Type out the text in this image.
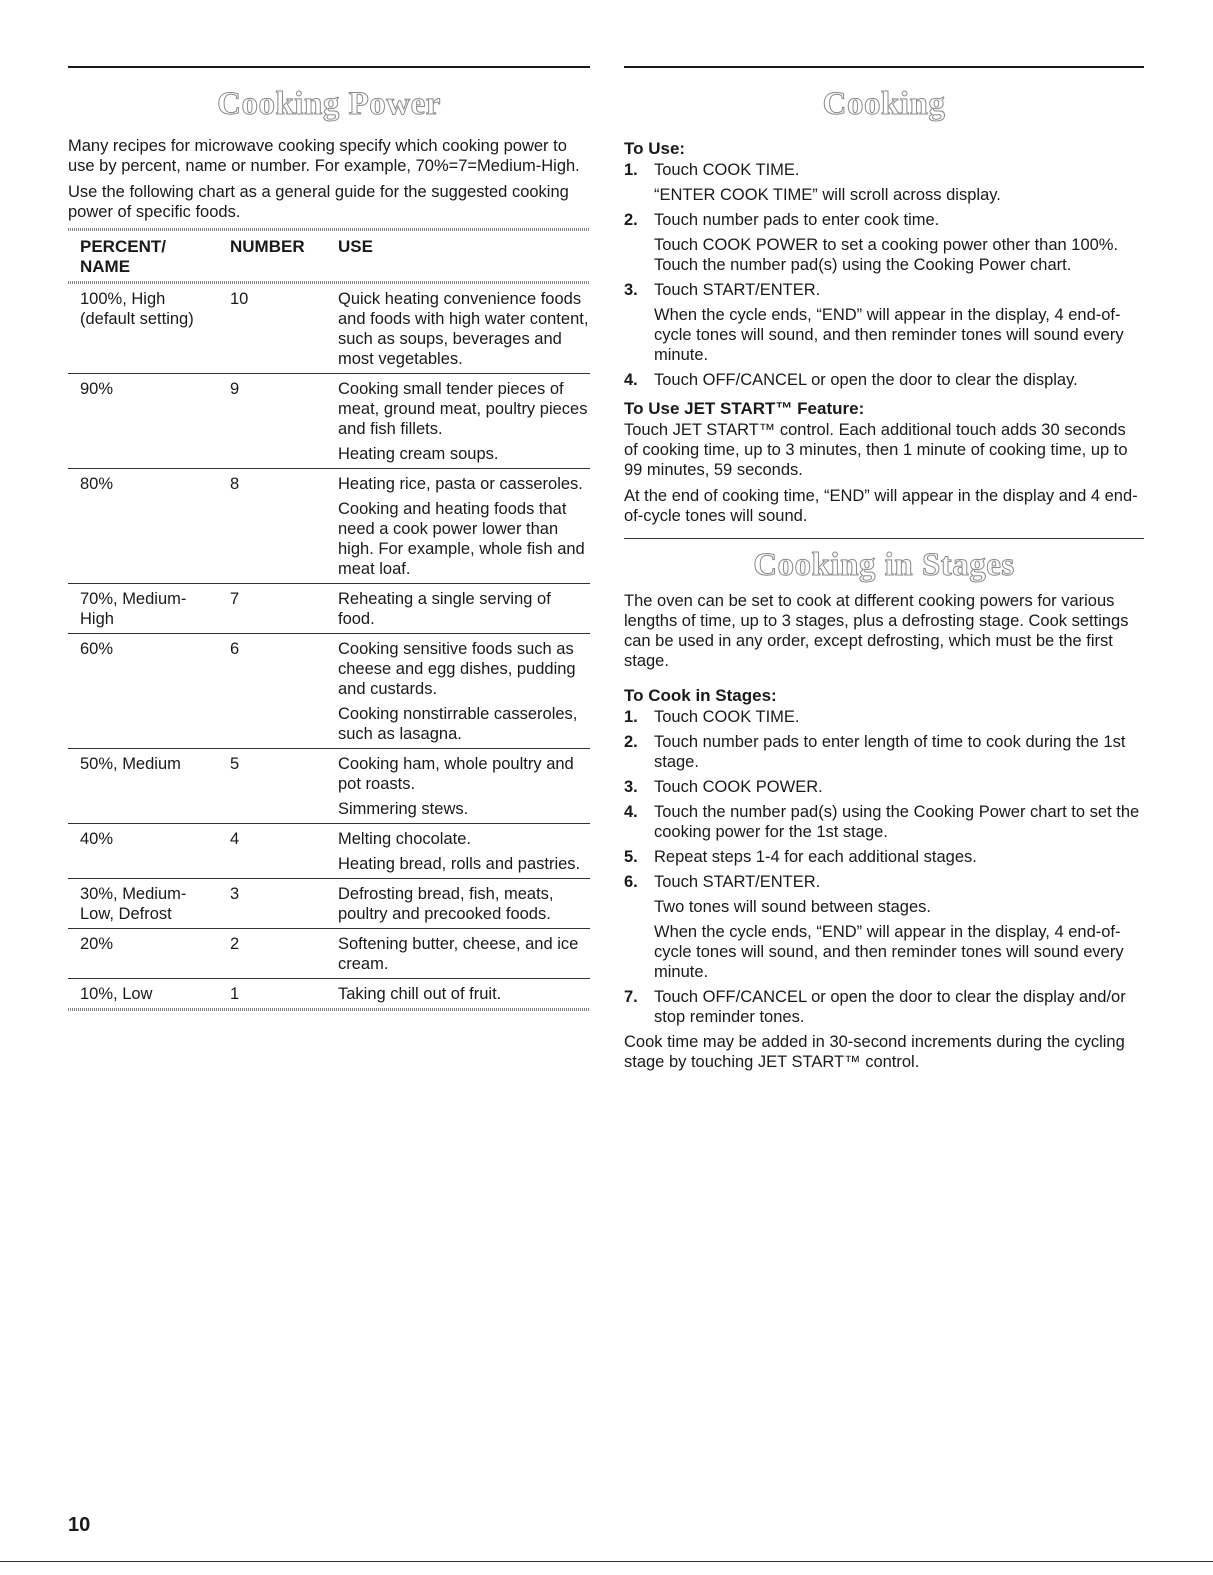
Cooking Power

Many recipes for microwave cooking specify which cooking power to use by percent, name or number. For example, 70%=7=Medium-High.

Use the following chart as a general guide for the suggested cooking power of specific foods.

PERCENT/ NAME	NUMBER	USE

100%, High (default setting)	10	Quick heating convenience foods and foods with high water content, such as soups, beverages and most vegetables.

90%	9	Cooking small tender pieces of meat, ground meat, poultry pieces and fish fillets.
Heating cream soups.

80%	8	Heating rice, pasta or casseroles.
Cooking and heating foods that need a cook power lower than high. For example, whole fish and meat loaf.

70%, Medium-High	7	Reheating a single serving of food.

60%	6	Cooking sensitive foods such as cheese and egg dishes, pudding and custards.
Cooking nonstirrable casseroles, such as lasagna.

50%, Medium	5	Cooking ham, whole poultry and pot roasts.
Simmering stews.

40%	4	Melting chocolate.
Heating bread, rolls and pastries.

30%, Medium-Low, Defrost	3	Defrosting bread, fish, meats, poultry and precooked foods.

20%	2	Softening butter, cheese, and ice cream.

10%, Low	1	Taking chill out of fruit.
Cooking
To Use:
1. Touch COOK TIME.
“ENTER COOK TIME” will scroll across display.
2. Touch number pads to enter cook time.
Touch COOK POWER to set a cooking power other than 100%. Touch the number pad(s) using the Cooking Power chart.
3. Touch START/ENTER.
When the cycle ends, “END” will appear in the display, 4 end-of-cycle tones will sound, and then reminder tones will sound every minute.
4. Touch OFF/CANCEL or open the door to clear the display.
To Use JET START™ Feature:

Touch JET START™ control. Each additional touch adds 30 seconds of cooking time, up to 3 minutes, then 1 minute of cooking time, up to 99 minutes, 59 seconds.

At the end of cooking time, “END” will appear in the display and 4 end-of-cycle tones will sound.

Cooking in Stages

The oven can be set to cook at different cooking powers for various lengths of time, up to 3 stages, plus a defrosting stage. Cook settings can be used in any order, except defrosting, which must be the first stage.

To Cook in Stages:
1. Touch COOK TIME.
2. Touch number pads to enter length of time to cook during the 1st stage.
3. Touch COOK POWER.
4. Touch the number pad(s) using the Cooking Power chart to set the cooking power for the 1st stage.
5. Repeat steps 1-4 for each additional stages.
6. Touch START/ENTER.
Two tones will sound between stages.
When the cycle ends, “END” will appear in the display, 4 end-of-cycle tones will sound, and then reminder tones will sound every minute.
7. Touch OFF/CANCEL or open the door to clear the display and/or stop reminder tones.

Cook time may be added in 30-second increments during the cycling stage by touching JET START™ control.

10
